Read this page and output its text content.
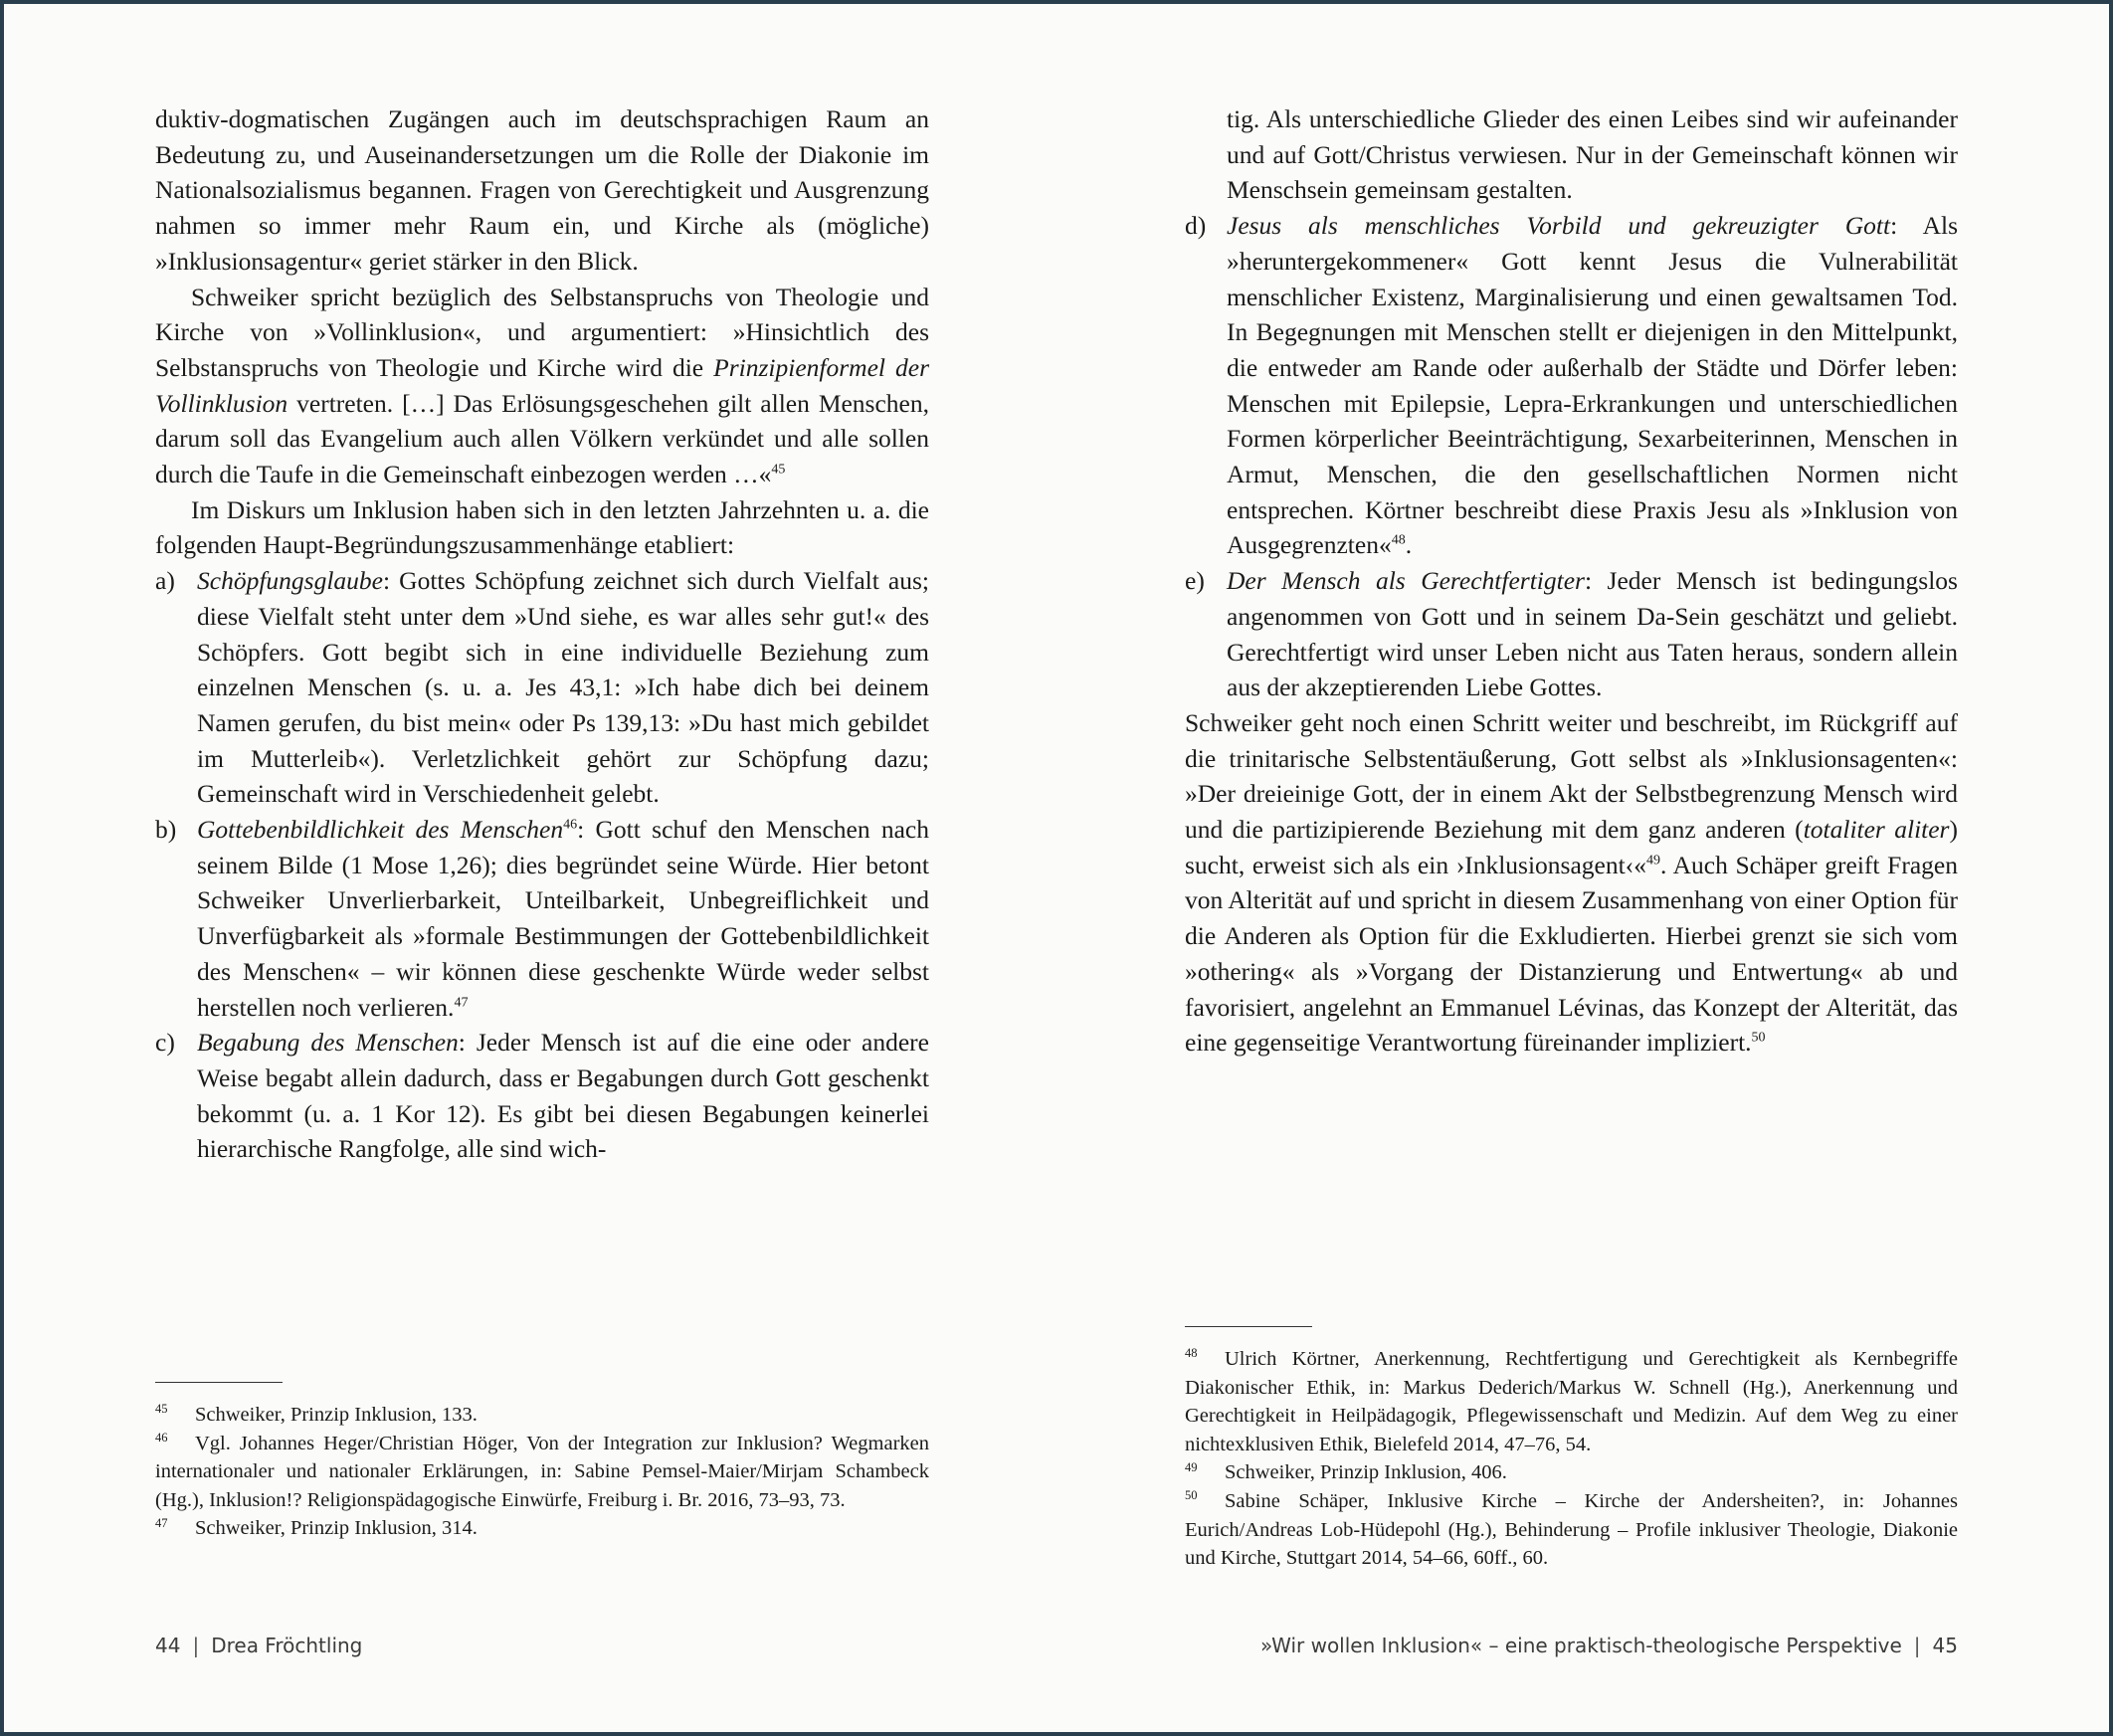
duktiv-dogmatischen Zugängen auch im deutschsprachigen Raum an Bedeutung zu, und Auseinandersetzungen um die Rolle der Diakonie im Nationalsozialismus begannen. Fragen von Gerechtigkeit und Ausgrenzung nahmen so immer mehr Raum ein, und Kirche als (mögliche) »Inklusionsagentur« geriet stärker in den Blick.

Schweiker spricht bezüglich des Selbstanspruchs von Theologie und Kirche von »Vollinklusion«, und argumentiert: »Hinsichtlich des Selbstanspruchs von Theologie und Kirche wird die Prinzipienformel der Vollinklusion vertreten. […] Das Erlösungsgeschehen gilt allen Menschen, darum soll das Evangelium auch allen Völkern verkündet und alle sollen durch die Taufe in die Gemeinschaft einbezogen werden …«$^{45}$

Im Diskurs um Inklusion haben sich in den letzten Jahrzehnten u. a. die folgenden Haupt-Begründungszusammenhänge etabliert:

a) Schöpfungsglaube: Gottes Schöpfung zeichnet sich durch Vielfalt aus; diese Vielfalt steht unter dem »Und siehe, es war alles sehr gut!« des Schöpfers. Gott begibt sich in eine individuelle Beziehung zum einzelnen Menschen (s. u. a. Jes 43,1: »Ich habe dich bei deinem Namen gerufen, du bist mein« oder Ps 139,13: »Du hast mich gebildet im Mutterleib«). Verletzlichkeit gehört zur Schöpfung dazu; Gemeinschaft wird in Verschiedenheit gelebt.

b) Gottebenbildlichkeit des Menschen$^{46}$: Gott schuf den Menschen nach seinem Bilde (1 Mose 1,26); dies begründet seine Würde. Hier betont Schweiker Unverlierbarkeit, Unteilbarkeit, Unbegreiflichkeit und Unverfügbarkeit als »formale Bestimmungen der Gottebenbildlichkeit des Menschen« – wir können diese geschenkte Würde weder selbst herstellen noch verlieren.$^{47}$

c) Begabung des Menschen: Jeder Mensch ist auf die eine oder andere Weise begabt allein dadurch, dass er Begabungen durch Gott geschenkt bekommt (u. a. 1 Kor 12). Es gibt bei diesen Begabungen keinerlei hierarchische Rangfolge, alle sind wich-

45 Schweiker, Prinzip Inklusion, 133.

46 Vgl. Johannes Heger/Christian Höger, Von der Integration zur Inklusion? Wegmarken internationaler und nationaler Erklärungen, in: Sabine Pemsel-Maier/Mirjam Schambeck (Hg.), Inklusion!? Religionspädagogische Einwürfe, Freiburg i. Br. 2016, 73–93, 73.

47 Schweiker, Prinzip Inklusion, 314.

44 | Drea Fröchtling

tig. Als unterschiedliche Glieder des einen Leibes sind wir aufeinander und auf Gott/Christus verwiesen. Nur in der Gemeinschaft können wir Menschsein gemeinsam gestalten.

d) Jesus als menschliches Vorbild und gekreuzigter Gott: Als »heruntergekommener« Gott kennt Jesus die Vulnerabilität menschlicher Existenz, Marginalisierung und einen gewaltsamen Tod. In Begegnungen mit Menschen stellt er diejenigen in den Mittelpunkt, die entweder am Rande oder außerhalb der Städte und Dörfer leben: Menschen mit Epilepsie, Lepra-Erkrankungen und unterschiedlichen Formen körperlicher Beeinträchtigung, Sexarbeiterinnen, Menschen in Armut, Menschen, die den gesellschaftlichen Normen nicht entsprechen. Körtner beschreibt diese Praxis Jesu als »Inklusion von Ausgegrenzten«$^{48}$.

e) Der Mensch als Gerechtfertigter: Jeder Mensch ist bedingungslos angenommen von Gott und in seinem Da-Sein geschätzt und geliebt. Gerechtfertigt wird unser Leben nicht aus Taten heraus, sondern allein aus der akzeptierenden Liebe Gottes.

Schweiker geht noch einen Schritt weiter und beschreibt, im Rückgriff auf die trinitarische Selbstentäußerung, Gott selbst als »Inklusionsagenten«: »Der dreieinige Gott, der in einem Akt der Selbstbegrenzung Mensch wird und die partizipierende Beziehung mit dem ganz anderen (totaliter aliter) sucht, erweist sich als ein ›Inklusionsagent‹«$^{49}$. Auch Schäper greift Fragen von Alterität auf und spricht in diesem Zusammenhang von einer Option für die Anderen als Option für die Exkludierten. Hierbei grenzt sie sich vom »othering« als »Vorgang der Distanzierung und Entwertung« ab und favorisiert, angelehnt an Emmanuel Lévinas, das Konzept der Alterität, das eine gegenseitige Verantwortung füreinander impliziert.$^{50}$

48 Ulrich Körtner, Anerkennung, Rechtfertigung und Gerechtigkeit als Kernbegriffe Diakonischer Ethik, in: Markus Dederich/Markus W. Schnell (Hg.), Anerkennung und Gerechtigkeit in Heilpädagogik, Pflegewissenschaft und Medizin. Auf dem Weg zu einer nichtexklusiven Ethik, Bielefeld 2014, 47–76, 54.

49 Schweiker, Prinzip Inklusion, 406.

50 Sabine Schäper, Inklusive Kirche – Kirche der Andersheiten?, in: Johannes Eurich/Andreas Lob-Hüdepohl (Hg.), Behinderung – Profile inklusiver Theologie, Diakonie und Kirche, Stuttgart 2014, 54–66, 60ff., 60.

»Wir wollen Inklusion« – eine praktisch-theologische Perspektive | 45
